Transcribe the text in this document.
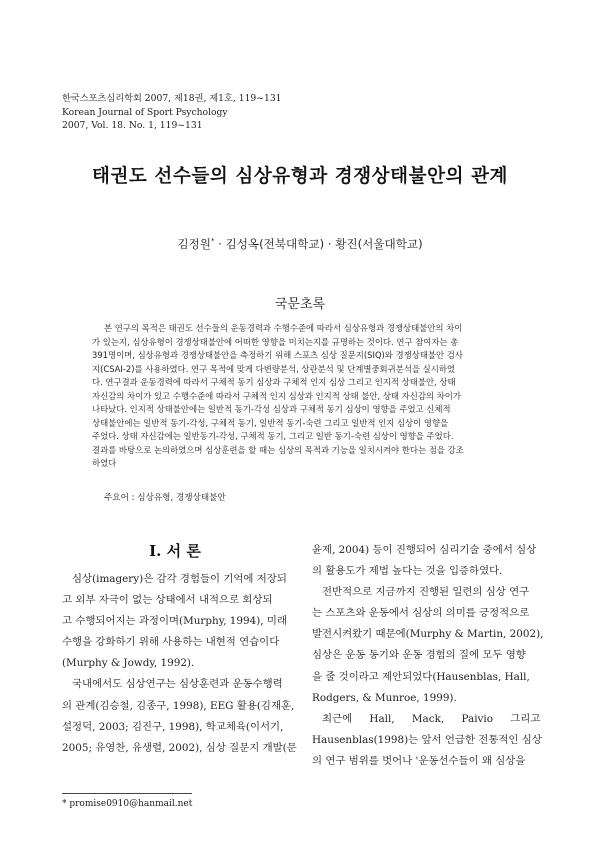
한국스포츠심리학회 2007, 제18권, 제1호, 119~131
Korean Journal of Sport Psychology
2007, Vol. 18. No. 1, 119~131
태권도 선수들의 심상유형과 경쟁상태불안의 관계
김정원* · 김성옥(전북대학교) · 황진(서울대학교)
국문초록
본 연구의 목적은 태권도 선수들의 운동경력과 수행수준에 따라서 심상유형과 경쟁상태불안의 차이
가 있는지, 심상유형이 경쟁상태불안에 어떠한 영향을 미치는지를 규명하는 것이다. 연구 참여자는 총
391명이며, 심상유형과 경쟁상태불안을 측정하기 위해 스포츠 심상 질문지(SIQ)와 경쟁상태불안 검사
지(CSAI-2)를 사용하였다. 연구 목적에 맞게 다변량분석, 상관분석 및 단계별중회귀분석을 실시하였
다. 연구결과 운동경력에 따라서 구체적 동기 심상과 구체적 인지 심상 그리고 인지적 상태불안, 상태
자신감의 차이가 있고 수행수준에 따라서 구체적 인지 심상과 인지적 상태 불안, 상태 자신감의 차이가
나타났다. 인지적 상태불안에는 일반적 동기-각성 심상과 구체적 동기 심상이 영향을 주었고 신체적
상태불안에는 일반적 동기-각성, 구체적 동기, 일반적 동기-숙련 그리고 일반적 인지 심상이 영향을
주었다. 상태 자신감에는 일반동기-각성, 구체적 동기, 그리고 일반 동기-숙련 심상이 영향을 주었다.
결과를 바탕으로 논의하였으며 심상훈련을 할 때는 심상의 목적과 기능을 일치시켜야 한다는 점을 강조
하였다
주요어 : 심상유형, 경쟁상태불안
I. 서 론
심상(imagery)은 감각 경험들이 기억에 저장되
고 외부 자극이 없는 상태에서 내적으로 회상되
고 수행되어지는 과정이며(Murphy, 1994), 미래
수행을 강화하기 위해 사용하는 내현적 연습이다
(Murphy & Jowdy, 1992).
국내에서도 심상연구는 심상훈련과 운동수행력
의 관계(김승철, 김종구, 1998), EEG 활용(김재훈,
설정덕, 2003; 김진구, 1998), 학교체육(이서기,
2005; 유영찬, 유생렬, 2002), 심상 질문지 개발(문
윤제, 2004) 등이 진행되어 심리기술 중에서 심상
의 활용도가 제법 높다는 것을 입증하였다.
전반적으로 지금까지 진행된 일련의 심상 연구
는 스포츠와 운동에서 심상의 의미를 긍정적으로
발전시켜왔기 때문에(Murphy & Martin, 2002),
심상은 운동 동기와 운동 경험의 질에 모두 영향
을 줄 것이라고 제안되었다(Hausenblas, Hall,
Rodgers, & Munroe, 1999).
최근에 Hall, Mack, Paivio 그리고
Hausenblas(1998)는 앞서 언급한 전통적인 심상
의 연구 범위를 벗어나 '운동선수들이 왜 심상을
* promise0910@hanmail.net
